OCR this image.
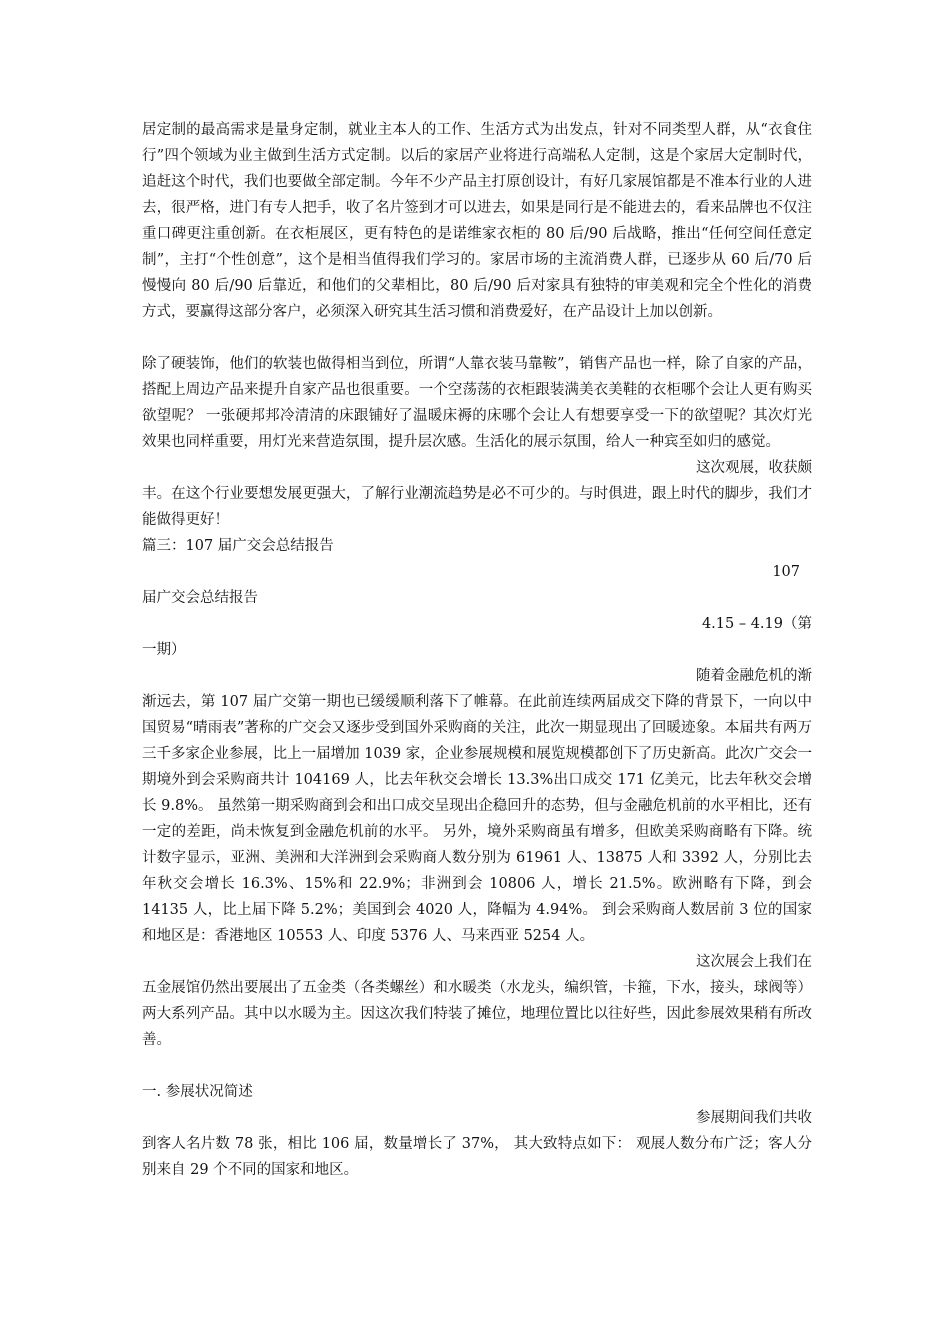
居定制的最高需求是量身定制，就业主本人的工作、生活方式为出发点，针对不同类型人群，从“衣食住行”四个领域为业主做到生活方式定制。以后的家居产业将进行高端私人定制，这是个家居大定制时代，追赶这个时代，我们也要做全部定制。今年不少产品主打原创设计，有好几家展馆都是不准本行业的人进去，很严格，进门有专人把手，收了名片签到才可以进去，如果是同行是不能进去的，看来品牌也不仅注重口碑更注重创新。在衣柜展区，更有特色的是诺维家衣柜的 80 后/90 后战略，推出“任何空间任意定制”，主打“个性创意”，这个是相当值得我们学习的。家居市场的主流消费人群，已逐步从 60 后/70 后慢慢向 80 后/90 后靠近，和他们的父辈相比，80 后/90 后对家具有独特的审美观和完全个性化的消费方式，要赢得这部分客户，必须深入研究其生活习惯和消费爱好，在产品设计上加以创新。

除了硬装饰，他们的软装也做得相当到位，所谓“人靠衣装马靠鞍”，销售产品也一样，除了自家的产品，搭配上周边产品来提升自家产品也很重要。一个空荡荡的衣柜跟装满美衣美鞋的衣柜哪个会让人更有购买欲望呢？ 一张硬邦邦冷清清的床跟铺好了温暖床褥的床哪个会让人有想要享受一下的欲望呢？其次灯光效果也同样重要，用灯光来营造氛围，提升层次感。生活化的展示氛围，给人一种宾至如归的感觉。

这次观展，收获颇

丰。在这个行业要想发展更强大，了解行业潮流趋势是必不可少的。与时俱进，跟上时代的脚步，我们才能做得更好！

篇三：107 届广交会总结报告

107

届广交会总结报告

4.15 – 4.19（第

一期）

随着金融危机的渐

渐远去，第 107 届广交第一期也已缓缓顺利落下了帷幕。在此前连续两届成交下降的背景下，一向以中国贸易“晴雨表”著称的广交会又逐步受到国外采购商的关注，此次一期显现出了回暖迹象。本届共有两万三千多家企业参展，比上一届增加 1039 家，企业参展规模和展览规模都创下了历史新高。此次广交会一期境外到会采购商共计 104169 人，比去年秋交会增长 13.3%出口成交 171 亿美元，比去年秋交会增长 9.8%。 虽然第一期采购商到会和出口成交呈现出企稳回升的态势，但与金融危机前的水平相比，还有一定的差距，尚未恢复到金融危机前的水平。 另外，境外采购商虽有增多，但欧美采购商略有下降。统计数字显示，亚洲、美洲和大洋洲到会采购商人数分别为 61961 人、13875 人和 3392 人，分别比去年秋交会增长 16.3%、15%和 22.9%；非洲到会 10806 人，增长 21.5%。欧洲略有下降，到会 14135 人，比上届下降 5.2%；美国到会 4020 人，降幅为 4.94%。 到会采购商人数居前 3 位的国家和地区是：香港地区 10553 人、印度 5376 人、马来西亚 5254 人。

这次展会上我们在

五金展馆仍然出要展出了五金类（各类螺丝）和水暖类（水龙头，编织管，卡箍，下水，接头，球阀等）两大系列产品。其中以水暖为主。因这次我们特装了摊位，地理位置比以往好些，因此参展效果稍有所改善。

一. 参展状况简述

参展期间我们共收

到客人名片数 78 张，相比 106 届，数量增长了 37%， 其大致特点如下： 观展人数分布广泛；客人分别来自 29 个不同的国家和地区。
